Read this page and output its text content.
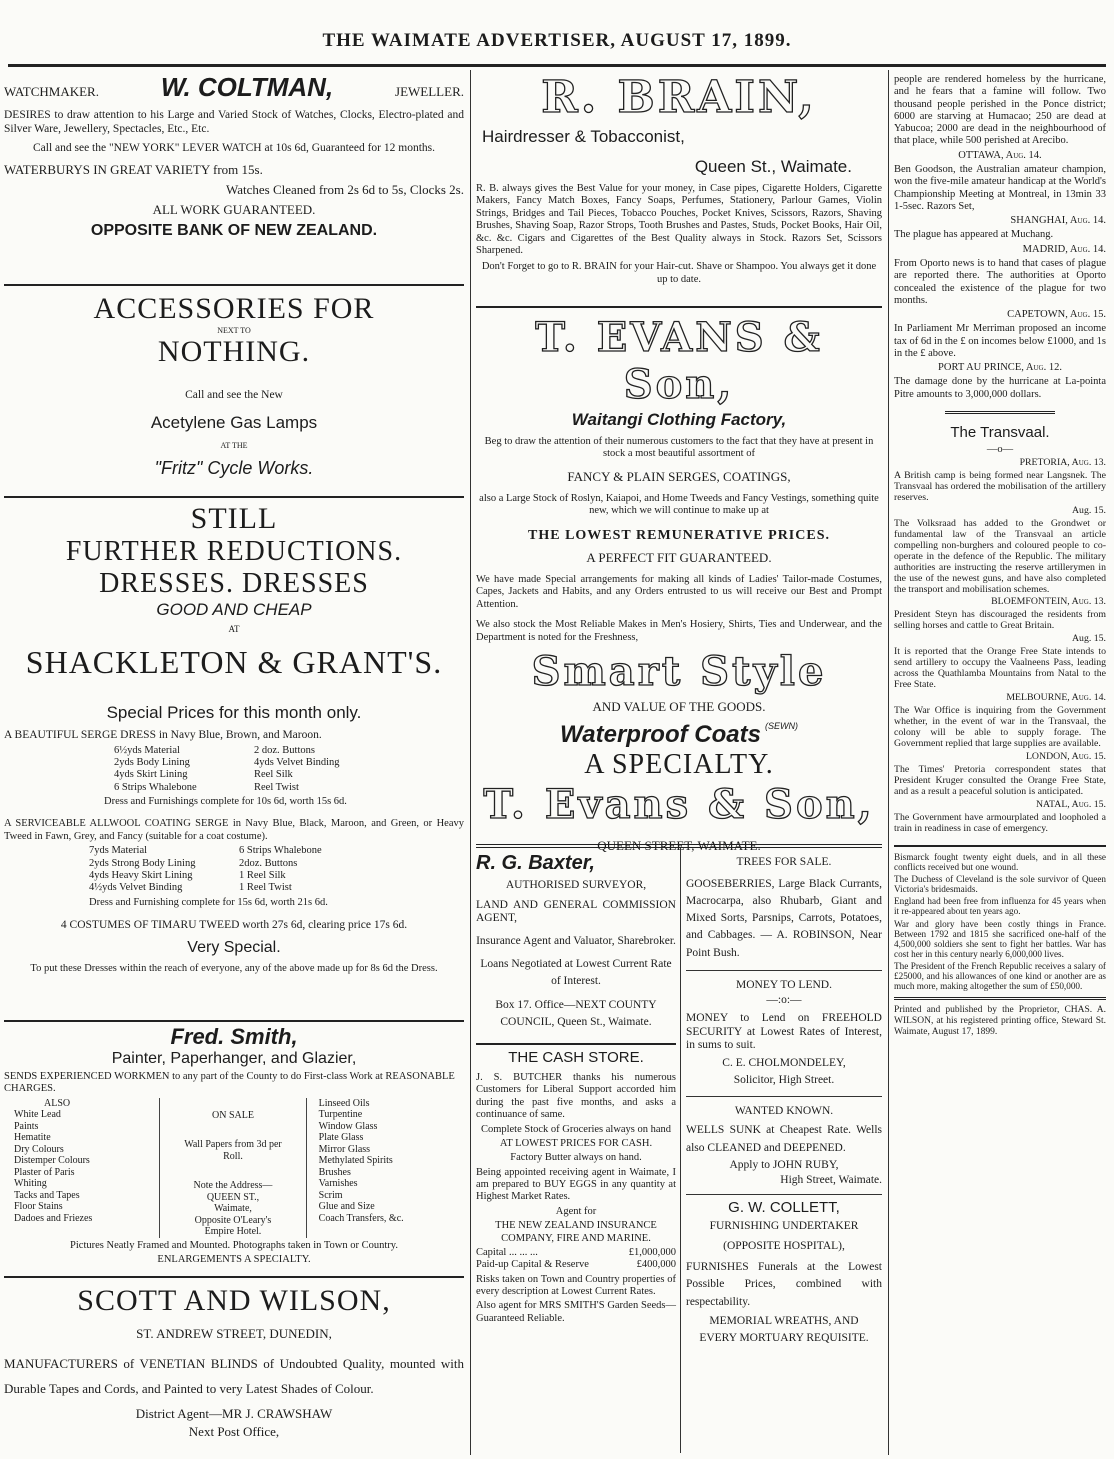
THE WAIMATE ADVERTISER, AUGUST 17, 1899.
WATCHMAKER. W. COLTMAN,	JEWELLER.

DESIRES to draw attention to his Large and Varied Stock of Watches, Clocks, Electro-plated and Silver Ware, Jewellery, Spectacles, Etc., Etc.

Call and see the "NEW YORK" LEVER WATCH at 10s 6d, Guaranteed for 12 months.

WATERBURYS IN GREAT VARIETY from 15s.

Watches Cleaned from 2s 6d to 5s, Clocks 2s.

ALL WORK GUARANTEED.

OPPOSITE BANK OF NEW ZEALAND.

ACCESSORIES FOR
NEXT TO
NOTHING.
Call and see the New
Acetylene Gas Lamps
AT THE
"Fritz" Cycle Works.
STILL
FURTHER REDUCTIONS.
DRESSES. DRESSES
GOOD AND CHEAP
AT
SHACKLETON & GRANT'S.
Special Prices for this month only.

A BEAUTIFUL SERGE DRESS in Navy Blue, Brown, and Maroon.

6½yds Material	2 doz. Buttons
2yds Body Lining	4yds Velvet Binding
4yds Skirt Lining	Reel Silk
6 Strips Whalebone	Reel Twist

Dress and Furnishings complete for 10s 6d, worth 15s 6d.

A SERVICEABLE ALLWOOL COATING SERGE in Navy Blue, Black, Maroon, and Green, or Heavy Tweed in Fawn, Grey, and Fancy (suitable for a coat costume).

7yds Material	6 Strips Whalebone
2yds Strong Body Lining	2doz. Buttons
4yds Heavy Skirt Lining	1 Reel Silk
4½yds Velvet Binding	1 Reel Twist

Dress and Furnishing complete for 15s 6d, worth 21s 6d.

4 COSTUMES OF TIMARU TWEED worth 27s 6d, clearing price 17s 6d.

Very Special.

To put these Dresses within the reach of everyone, any of the above made up for 8s 6d the Dress.

Fred. Smith,
Painter, Paperhanger, and Glazier,

SENDS EXPERIENCED WORKMEN to any part of the County to do First-class Work at REASONABLE CHARGES.

ALSO
White Lead
Paints
Hematite
Dry Colours
Distemper Colours
Plaster of Paris
Whiting
Tacks and Tapes
Floor Stains
Dadoes and Friezes
ON SALE
Wall Papers from 3d per Roll.
Note the Address—
QUEEN ST.,
Waimate,
Opposite O'Leary's
Empire Hotel.
Linseed Oils
Turpentine
Window Glass
Plate Glass
Mirror Glass
Methylated Spirits
Brushes
Varnishes
Scrim
Glue and Size
Coach Transfers, &c.

Pictures Neatly Framed and Mounted. Photographs taken in Town or Country.

ENLARGEMENTS A SPECIALTY.

SCOTT AND WILSON,

ST. ANDREW STREET, DUNEDIN,

MANUFACTURERS of VENETIAN BLINDS of Undoubted Quality, mounted with Durable Tapes and Cords, and Painted to very Latest Shades of Colour.

District Agent—MR J. CRAWSHAW

Next Post Office,

R. BRAIN,
Hairdresser & Tobacconist,
Queen St., Waimate.

R. B. always gives the Best Value for your money, in Case pipes, Cigarette Holders, Cigarette Makers, Fancy Match Boxes, Fancy Soaps, Perfumes, Stationery, Parlour Games, Violin Strings, Bridges and Tail Pieces, Tobacco Pouches, Pocket Knives, Scissors, Razors, Shaving Brushes, Shaving Soap, Razor Strops, Tooth Brushes and Pastes, Studs, Pocket Books, Hair Oil, &c. &c. Cigars and Cigarettes of the Best Quality always in Stock. Razors Set, Scissors Sharpened.

Don't Forget to go to R. BRAIN for your Hair-cut. Shave or Shampoo. You always get it done up to date.

T. EVANS & Son,
Waitangi Clothing Factory,

Beg to draw the attention of their numerous customers to the fact that they have at present in stock a most beautiful assortment of

FANCY & PLAIN SERGES, COATINGS,

also a Large Stock of Roslyn, Kaiapoi, and Home Tweeds and Fancy Vestings, something quite new, which we will continue to make up at

THE LOWEST REMUNERATIVE PRICES.

A PERFECT FIT GUARANTEED.

We have made Special arrangements for making all kinds of Ladies' Tailor-made Costumes, Capes, Jackets and Habits, and any Orders entrusted to us will receive our Best and Prompt Attention.

We also stock the Most Reliable Makes in Men's Hosiery, Shirts, Ties and Underwear, and the Department is noted for the Freshness,

Smart Style

AND VALUE OF THE GOODS.

Waterproof Coats $^{(SEWN)}$
A SPECIALTY.
T. Evans & Son,

QUEEN STREET, WAIMATE.

R. G. Baxter,

AUTHORISED SURVEYOR,

LAND AND GENERAL COMMISSION AGENT,

Insurance Agent and Valuator, Sharebroker.

Loans Negotiated at Lowest Current Rate of Interest.

Box 17. Office—NEXT COUNTY COUNCIL, Queen St., Waimate.

THE CASH STORE.

J. S. BUTCHER thanks his numerous Customers for Liberal Support accorded him during the past five months, and asks a continuance of same.

Complete Stock of Groceries always on hand

AT LOWEST PRICES FOR CASH.

Factory Butter always on hand.

Being appointed receiving agent in Waimate, I am prepared to BUY EGGS in any quantity at Highest Market Rates.

Agent for

THE NEW ZEALAND INSURANCE COMPANY, FIRE AND MARINE.

Capital ... ... ...	£1,000,000
Paid-up Capital & Reserve	£400,000

Risks taken on Town and Country properties of every description at Lowest Current Rates.

Also agent for MRS SMITH'S Garden Seeds—Guaranteed Reliable.

TREES FOR SALE.

GOOSEBERRIES, Large Black Currants, Macrocarpa, also Rhubarb, Giant and Mixed Sorts, Parsnips, Carrots, Potatoes, and Cabbages. — A. ROBINSON, Near Point Bush.

MONEY TO LEND.

—:o:—

MONEY to Lend on FREEHOLD SECURITY at Lowest Rates of Interest, in sums to suit.

C. E. CHOLMONDELEY,

Solicitor, High Street.

WANTED KNOWN.

WELLS SUNK at Cheapest Rate. Wells also CLEANED and DEEPENED.

Apply to JOHN RUBY,

High Street, Waimate.

G. W. COLLETT,

FURNISHING UNDERTAKER

(OPPOSITE HOSPITAL),

FURNISHES Funerals at the Lowest Possible Prices, combined with respectability.

MEMORIAL WREATHS, AND

EVERY MORTUARY REQUISITE.

people are rendered homeless by the hurricane, and he fears that a famine will follow. Two thousand people perished in the Ponce district; 6000 are starving at Humacao; 250 are dead at Yabucoa; 2000 are dead in the neighbourhood of that place, while 500 perished at Arecibo.

OTTAWA, Aug. 14.

Ben Goodson, the Australian amateur champion, won the five-mile amateur handicap at the World's Championship Meeting at Montreal, in 13min 33 1-5sec. Razors Set,

SHANGHAI, Aug. 14.

The plague has appeared at Muchang.

MADRID, Aug. 14.

From Oporto news is to hand that cases of plague are reported there. The authorities at Oporto concealed the existence of the plague for two months.

CAPETOWN, Aug. 15.

In Parliament Mr Merriman proposed an income tax of 6d in the £ on incomes below £1000, and 1s in the £ above.

PORT AU PRINCE, Aug. 12.

The damage done by the hurricane at La-pointa Pitre amounts to 3,000,000 dollars.

The Transvaal.

—o—

PRETORIA, Aug. 13.

A British camp is being formed near Langsnek. The Transvaal has ordered the mobilisation of the artillery reserves.

Aug. 15.

The Volksraad has added to the Grondwet or fundamental law of the Transvaal an article compelling non-burghers and coloured people to co-operate in the defence of the Republic. The military authorities are instructing the reserve artillerymen in the use of the newest guns, and have also completed the transport and mobilisation schemes.

BLOEMFONTEIN, Aug. 13.

President Steyn has discouraged the residents from selling horses and cattle to Great Britain.

Aug. 15.

It is reported that the Orange Free State intends to send artillery to occupy the Vaalneens Pass, leading across the Quathlamba Mountains from Natal to the Free State.

MELBOURNE, Aug. 14.

The War Office is inquiring from the Government whether, in the event of war in the Transvaal, the colony will be able to supply forage. The Government replied that large supplies are available.

LONDON, Aug. 15.

The Times' Pretoria correspondent states that President Kruger consulted the Orange Free State, and as a result a peaceful solution is anticipated.

NATAL, Aug. 15.

The Government have armourplated and loopholed a train in readiness in case of emergency.

Bismarck fought twenty eight duels, and in all these conflicts received but one wound.

The Duchess of Cleveland is the sole survivor of Queen Victoria's bridesmaids.

England had been free from influenza for 45 years when it re-appeared about ten years ago.

War and glory have been costly things in France. Between 1792 and 1815 she sacrificed one-half of the 4,500,000 soldiers she sent to fight her battles. War has cost her in this century nearly 6,000,000 lives.

The President of the French Republic receives a salary of £25000, and his allowances of one kind or another are as much more, making altogether the sum of £50,000.

Printed and published by the Proprietor, CHAS. A. WILSON, at his registered printing office, Steward St. Waimate, August 17, 1899.
